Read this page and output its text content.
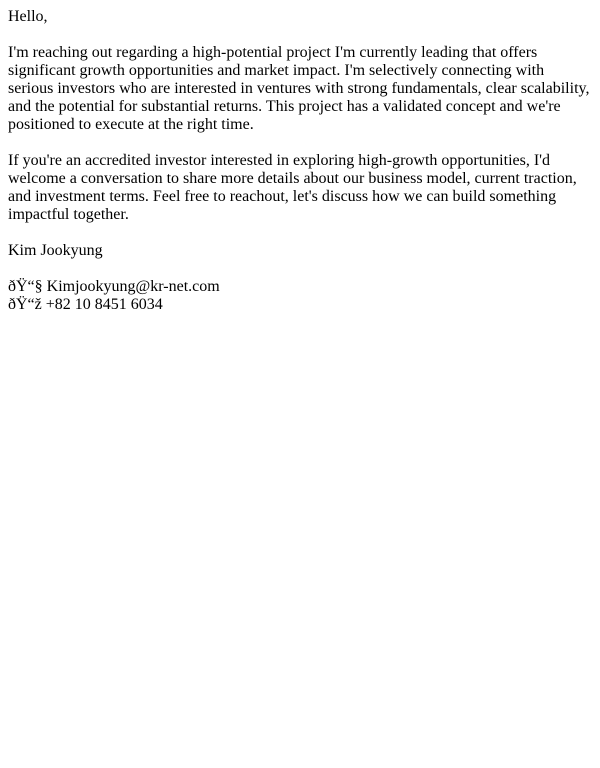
Hello,

I'm reaching out regarding a high-potential project I'm currently leading that offers significant growth opportunities and market impact. I'm selectively connecting with serious investors who are interested in ventures with strong fundamentals, clear scalability, and the potential for substantial returns. This project has a validated concept and we're positioned to execute at the right time.

If you're an accredited investor interested in exploring high-growth opportunities, I'd welcome a conversation to share more details about our business model, current traction, and investment terms. Feel free to reachout, let's discuss how we can build something impactful together.

Kim Jookyung

ðŸ“§ Kimjookyung@kr-net.com
ðŸ“ž +82 10 8451 6034
